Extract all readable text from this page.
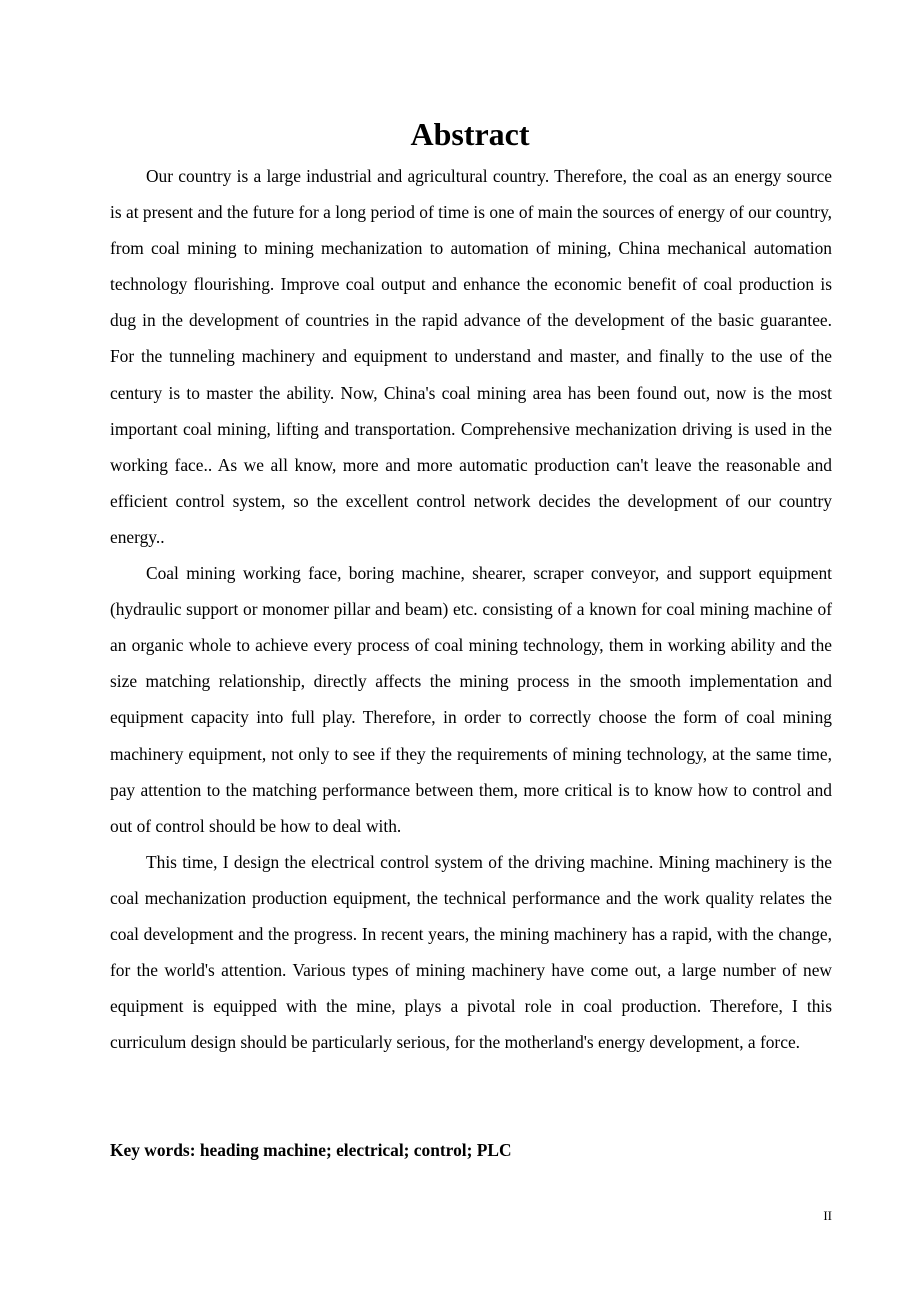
Abstract

Our country is a large industrial and agricultural country. Therefore, the coal as an energy source is at present and the future for a long period of time is one of main the sources of energy of our country, from coal mining to mining mechanization to automation of mining, China mechanical automation technology flourishing. Improve coal output and enhance the economic benefit of coal production is dug in the development of countries in the rapid advance of the development of the basic guarantee. For the tunneling machinery and equipment to understand and master, and finally to the use of the century is to master the ability. Now, China's coal mining area has been found out, now is the most important coal mining, lifting and transportation. Comprehensive mechanization driving is used in the working face.. As we all know, more and more automatic production can't leave the reasonable and efficient control system, so the excellent control network decides the development of our country energy..

Coal mining working face, boring machine, shearer, scraper conveyor, and support equipment (hydraulic support or monomer pillar and beam) etc. consisting of a known for coal mining machine of an organic whole to achieve every process of coal mining technology, them in working ability and the size matching relationship, directly affects the mining process in the smooth implementation and equipment capacity into full play. Therefore, in order to correctly choose the form of coal mining machinery equipment, not only to see if they the requirements of mining technology, at the same time, pay attention to the matching performance between them, more critical is to know how to control and out of control should be how to deal with.

This time, I design the electrical control system of the driving machine. Mining machinery is the coal mechanization production equipment, the technical performance and the work quality relates the coal development and the progress. In recent years, the mining machinery has a rapid, with the change, for the world's attention. Various types of mining machinery have come out, a large number of new equipment is equipped with the mine, plays a pivotal role in coal production. Therefore, I this curriculum design should be particularly serious, for the motherland's energy development, a force.

Key words: heading machine; electrical; control; PLC

II
